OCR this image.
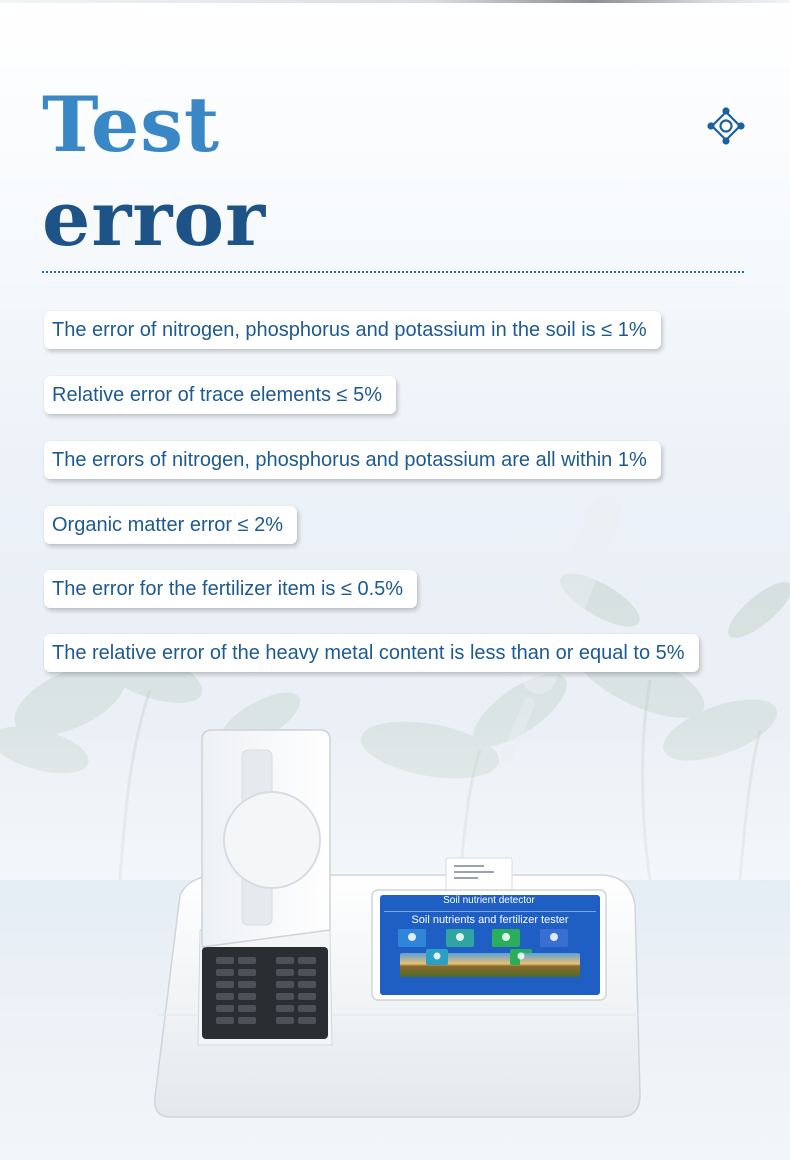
Test
error
The error of nitrogen, phosphorus and potassium in the soil is ≤ 1%
Relative error of trace elements ≤ 5%
The errors of nitrogen, phosphorus and potassium are all within 1%
Organic matter error ≤ 2%
The error for the fertilizer item is ≤ 0.5%
The relative error of the heavy metal content is less than or equal to 5%
Soil nutrient detector
Soil nutrients and fertilizer tester
